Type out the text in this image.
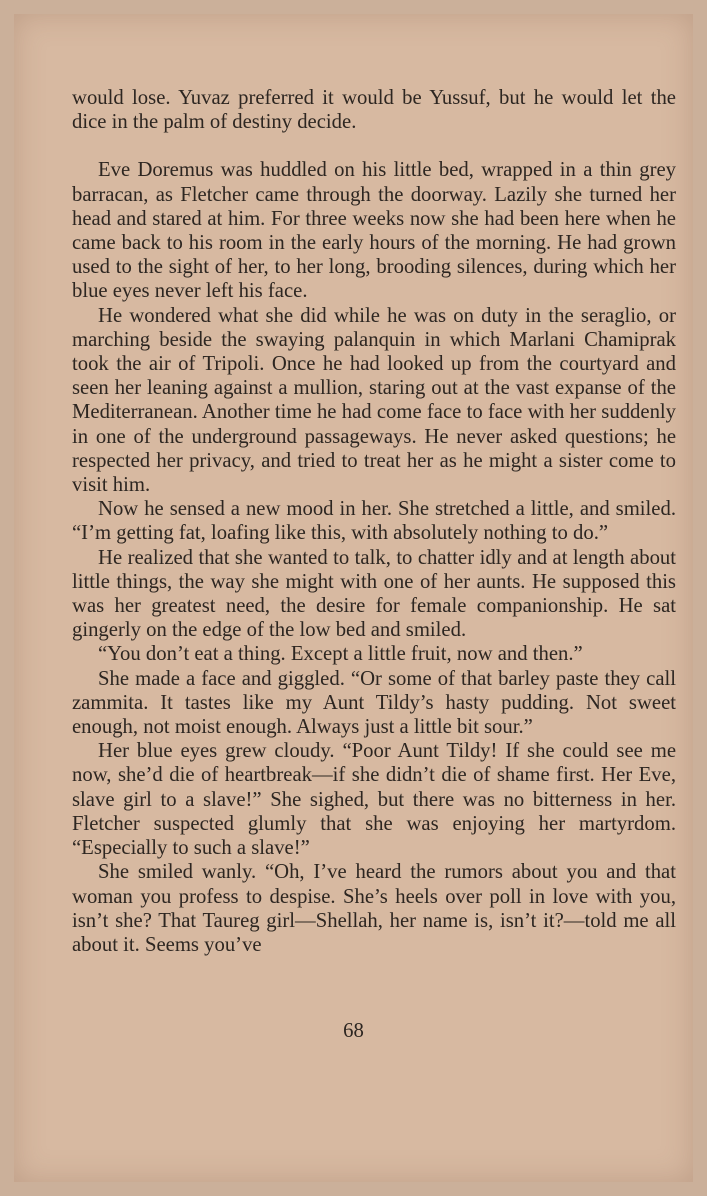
would lose. Yuvaz preferred it would be Yussuf, but he would let the dice in the palm of destiny decide.

Eve Doremus was huddled on his little bed, wrapped in a thin grey barracan, as Fletcher came through the doorway. Lazily she turned her head and stared at him. For three weeks now she had been here when he came back to his room in the early hours of the morning. He had grown used to the sight of her, to her long, brooding silences, during which her blue eyes never left his face.

He wondered what she did while he was on duty in the seraglio, or marching beside the swaying palanquin in which Marlani Chamiprak took the air of Tripoli. Once he had looked up from the courtyard and seen her leaning against a mullion, staring out at the vast expanse of the Mediterranean. Another time he had come face to face with her suddenly in one of the underground passageways. He never asked questions; he respected her privacy, and tried to treat her as he might a sister come to visit him.

Now he sensed a new mood in her. She stretched a little, and smiled. “I’m getting fat, loafing like this, with absolutely nothing to do.”

He realized that she wanted to talk, to chatter idly and at length about little things, the way she might with one of her aunts. He supposed this was her greatest need, the desire for female companionship. He sat gingerly on the edge of the low bed and smiled.

“You don’t eat a thing. Except a little fruit, now and then.”

She made a face and giggled. “Or some of that barley paste they call zammita. It tastes like my Aunt Tildy’s hasty pudding. Not sweet enough, not moist enough. Always just a little bit sour.”

Her blue eyes grew cloudy. “Poor Aunt Tildy! If she could see me now, she’d die of heartbreak—if she didn’t die of shame first. Her Eve, slave girl to a slave!” She sighed, but there was no bitterness in her. Fletcher suspected glumly that she was enjoying her martyrdom. “Especially to such a slave!”

She smiled wanly. “Oh, I’ve heard the rumors about you and that woman you profess to despise. She’s heels over poll in love with you, isn’t she? That Taureg girl—Shellah, her name is, isn’t it?—told me all about it. Seems you’ve

68
